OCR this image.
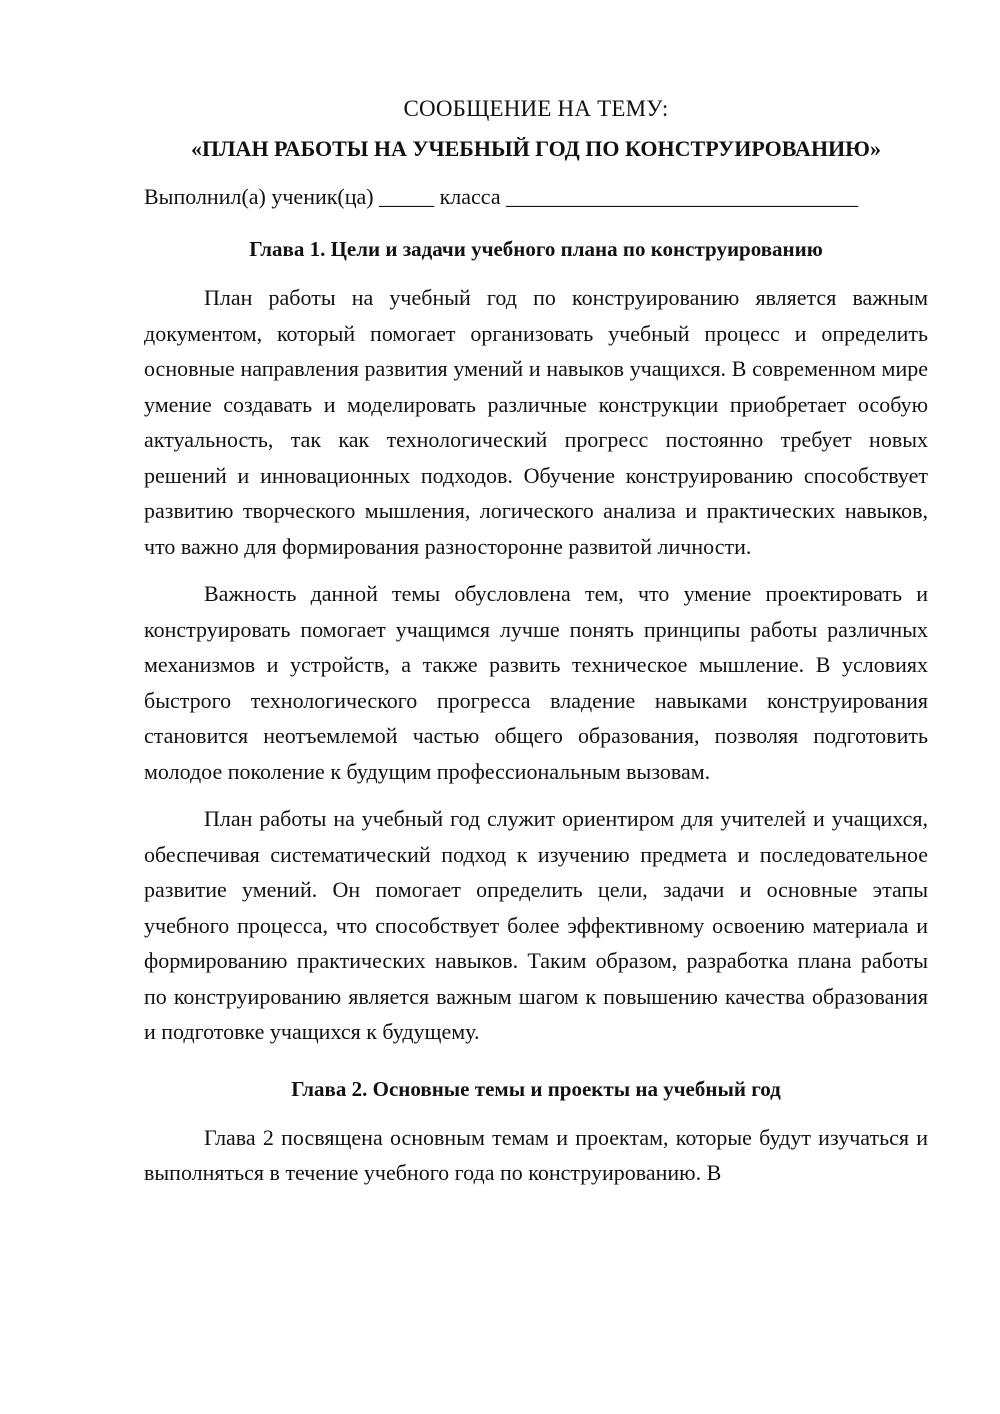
СООБЩЕНИЕ НА ТЕМУ:
«ПЛАН РАБОТЫ НА УЧЕБНЫЙ ГОД ПО КОНСТРУИРОВАНИЮ»
Выполнил(а) ученик(ца) _____ класса ________________________________
Глава 1. Цели и задачи учебного плана по конструированию

План работы на учебный год по конструированию является важным документом, который помогает организовать учебный процесс и определить основные направления развития умений и навыков учащихся. В современном мире умение создавать и моделировать различные конструкции приобретает особую актуальность, так как технологический прогресс постоянно требует новых решений и инновационных подходов. Обучение конструированию способствует развитию творческого мышления, логического анализа и практических навыков, что важно для формирования разносторонне развитой личности.

Важность данной темы обусловлена тем, что умение проектировать и конструировать помогает учащимся лучше понять принципы работы различных механизмов и устройств, а также развить техническое мышление. В условиях быстрого технологического прогресса владение навыками конструирования становится неотъемлемой частью общего образования, позволяя подготовить молодое поколение к будущим профессиональным вызовам.

План работы на учебный год служит ориентиром для учителей и учащихся, обеспечивая систематический подход к изучению предмета и последовательное развитие умений. Он помогает определить цели, задачи и основные этапы учебного процесса, что способствует более эффективному освоению материала и формированию практических навыков. Таким образом, разработка плана работы по конструированию является важным шагом к повышению качества образования и подготовке учащихся к будущему.

Глава 2. Основные темы и проекты на учебный год

Глава 2 посвящена основным темам и проектам, которые будут изучаться и выполняться в течение учебного года по конструированию. В
